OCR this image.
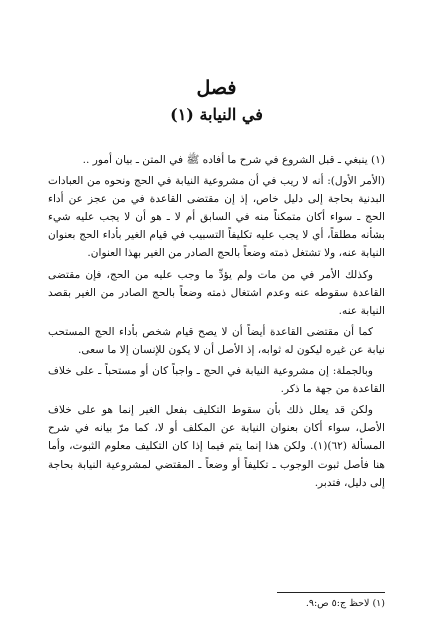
فصل
في النيابة (١)

(١) ينبغي ـ قبل الشروع في شرح ما أفاده ﷺ في المتن ـ بيان أمور ..

(الأمر الأول): أنه لا ريب في أن مشروعية النيابة في الحج ونحوه من العبادات البدنية بحاجة إلى دليل خاص، إذ إن مقتضى القاعدة في من عجز عن أداء الحج ـ سواء أكان متمكناً منه في السابق أم لا ـ هو أن لا يجب عليه شيء بشأنه مطلقاً، أي لا يجب عليه تكليفاً التسبيب في قيام الغير بأداء الحج بعنوان النيابة عنه، ولا تشتغل ذمته وضعاً بالحج الصادر من الغير بهذا العنوان.

وكذلك الأمر في من مات ولم يؤدِّ ما وجب عليه من الحج، فإن مقتضى القاعدة سقوطه عنه وعدم اشتغال ذمته وضعاً بالحج الصادر من الغير بقصد النيابة عنه.

كما أن مقتضى القاعدة أيضاً أن لا يصح قيام شخص بأداء الحج المستحب نيابة عن غيره ليكون له ثوابه، إذ الأصل أن لا يكون للإنسان إلا ما سعى.

وبالجملة: إن مشروعية النيابة في الحج ـ واجباً كان أو مستحباً ـ على خلاف القاعدة من جهة ما ذكر.

ولكن قد يعلل ذلك بأن سقوط التكليف بفعل الغير إنما هو على خلاف الأصل، سواء أكان بعنوان النيابة عن المكلف أو لا، كما مرّ بيانه في شرح المسألة (٦٢)(١). ولكن هذا إنما يتم فيما إذا كان التكليف معلوم الثبوت، وأما هنا فأصل ثبوت الوجوب ـ تكليفاً أو وضعاً ـ المقتضي لمشروعية النيابة بحاجة إلى دليل، فتدبر.

(١) لاحظ ج:٥ ص:٩.
